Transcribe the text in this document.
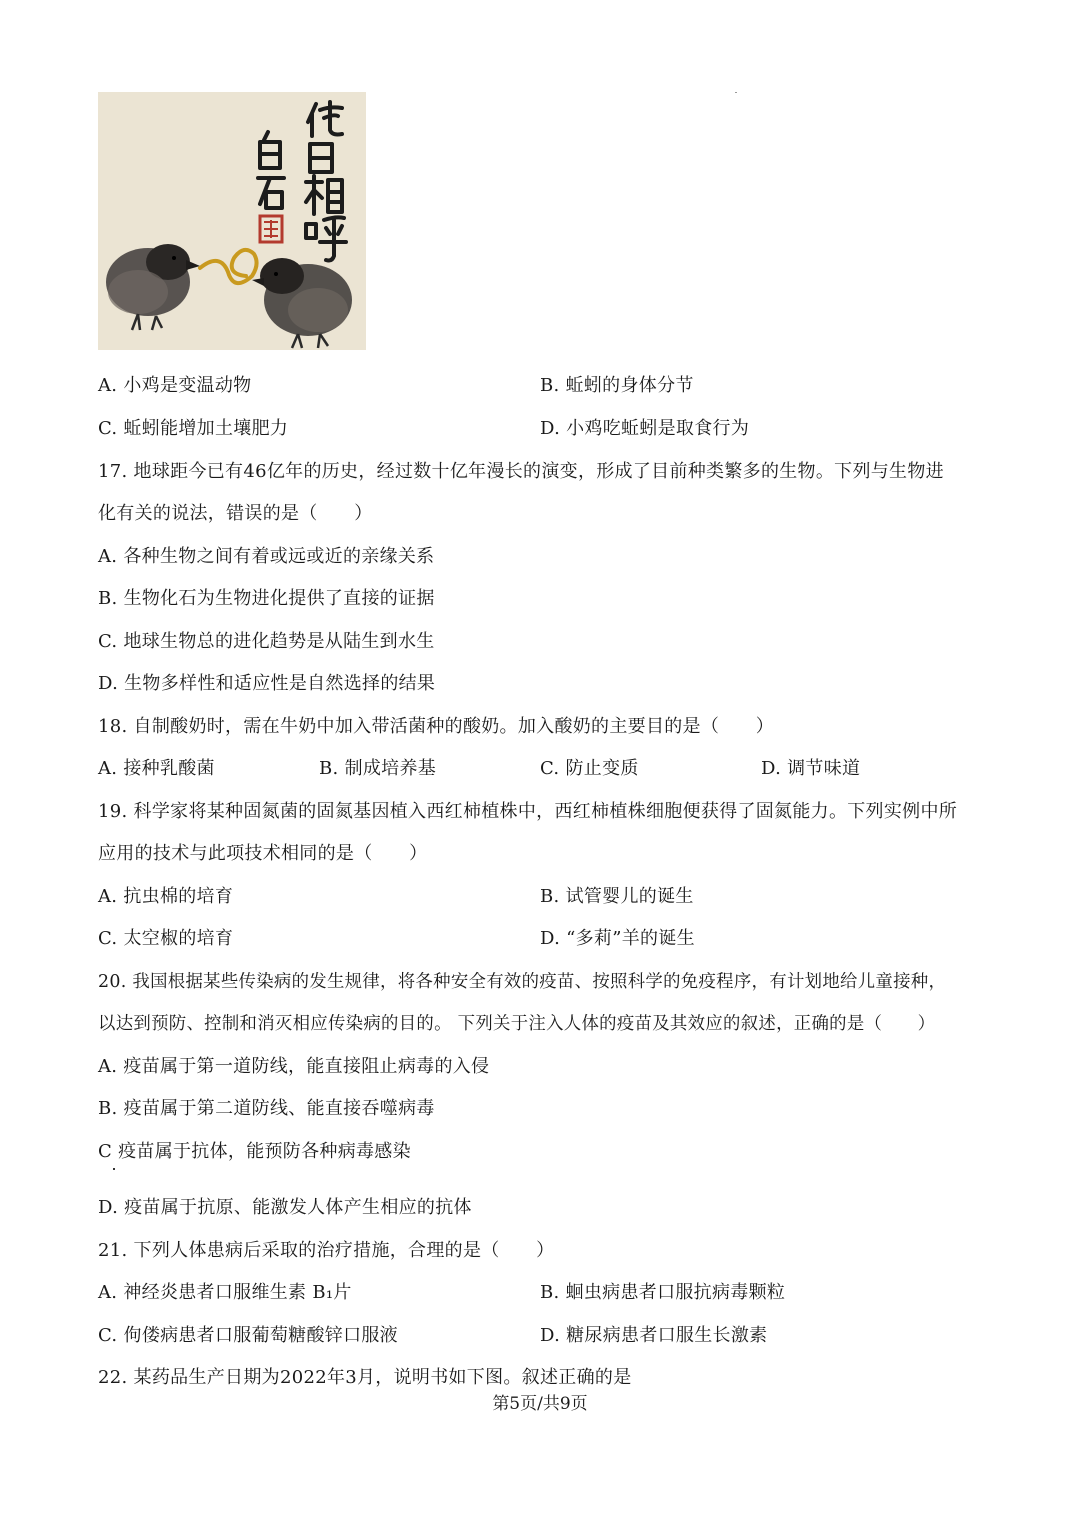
A. 小鸡是变温动物	B. 蚯蚓的身体分节
C. 蚯蚓能增加土壤肥力	D. 小鸡吃蚯蚓是取食行为
17. 地球距今已有46亿年的历史，经过数十亿年漫长的演变，形成了目前种类繁多的生物。下列与生物进
化有关的说法，错误的是（　　）
A. 各种生物之间有着或远或近的亲缘关系
B. 生物化石为生物进化提供了直接的证据
C. 地球生物总的进化趋势是从陆生到水生
D. 生物多样性和适应性是自然选择的结果
18. 自制酸奶时，需在牛奶中加入带活菌种的酸奶。加入酸奶的主要目的是（　　）
A. 接种乳酸菌	B. 制成培养基	C. 防止变质	D. 调节味道
19. 科学家将某种固氮菌的固氮基因植入西红柿植株中，西红柿植株细胞便获得了固氮能力。下列实例中所
应用的技术与此项技术相同的是（　　）
A. 抗虫棉的培育	B. 试管婴儿的诞生
C. 太空椒的培育	D. “多莉”羊的诞生
20. 我国根据某些传染病的发生规律，将各种安全有效的疫苗、按照科学的免疫程序，有计划地给儿童接种，
以达到预防、控制和消灭相应传染病的目的。 下列关于注入人体的疫苗及其效应的叙述，正确的是（　　）
A. 疫苗属于第一道防线，能直接阻止病毒的入侵
B. 疫苗属于第二道防线、能直接吞噬病毒
C 疫苗属于抗体，能预防各种病毒感染
D. 疫苗属于抗原、能激发人体产生相应的抗体
21. 下列人体患病后采取的治疗措施，合理的是（　　）
A. 神经炎患者口服维生素 B₁片	B. 蛔虫病患者口服抗病毒颗粒
C. 佝偻病患者口服葡萄糖酸锌口服液	D. 糖尿病患者口服生长激素
22. 某药品生产日期为2022年3月，说明书如下图。叙述正确的是
第5页/共9页
